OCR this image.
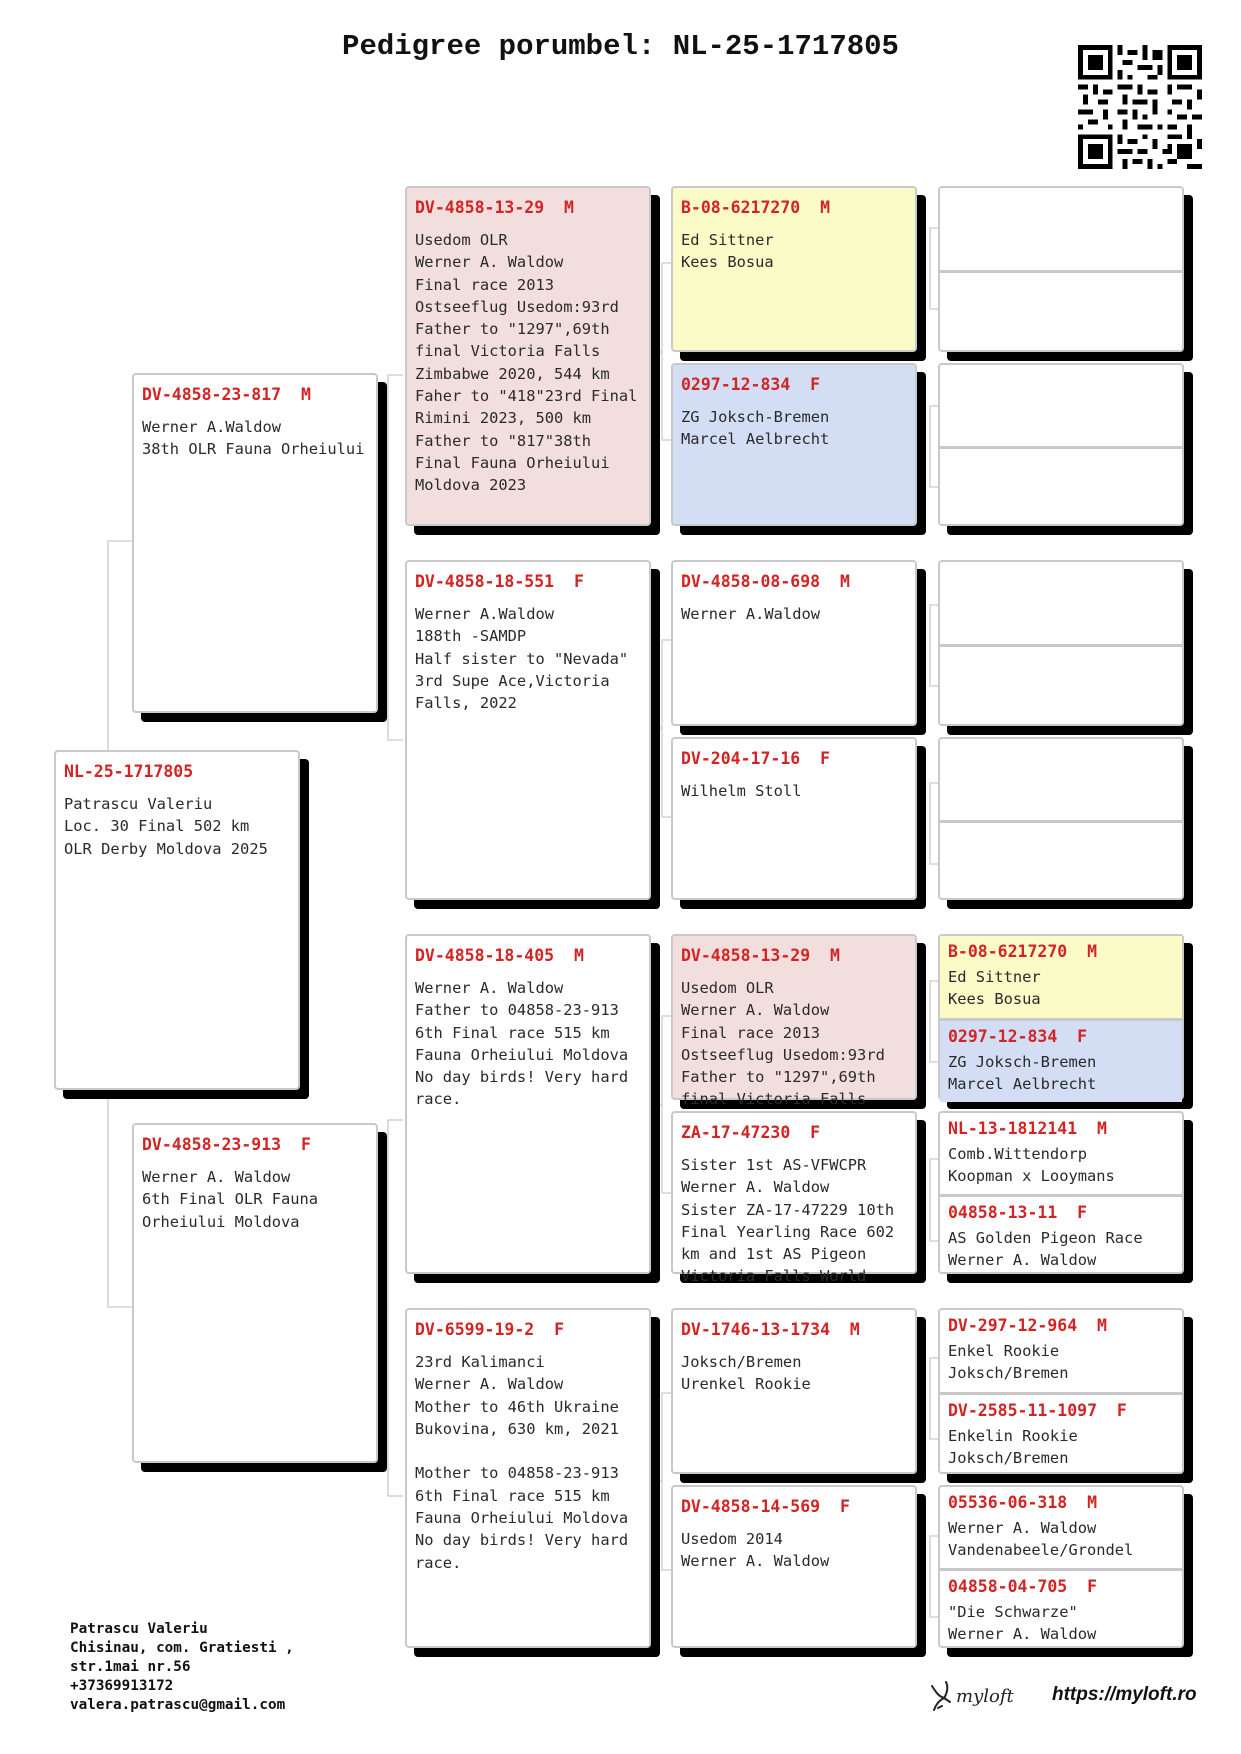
Pedigree porumbel: NL-25-1717805
NL-25-1717805
Patrascu Valeriu
Loc. 30 Final 502 km
OLR Derby Moldova 2025
DV-4858-23-817  M
Werner A.Waldow
38th OLR Fauna Orheiului
DV-4858-23-913  F
Werner A. Waldow
6th Final OLR Fauna
Orheiului Moldova
DV-4858-13-29  M
Usedom OLR
Werner A. Waldow
Final race 2013
Ostseeflug Usedom:93rd
Father to "1297",69th
final Victoria Falls
Zimbabwe 2020, 544 km
Faher to "418"23rd Final
Rimini 2023, 500 km
Father to "817"38th
Final Fauna Orheiului
Moldova 2023
DV-4858-18-551  F
Werner A.Waldow
188th -SAMDP
Half sister to "Nevada"
3rd Supe Ace,Victoria
Falls, 2022
DV-4858-18-405  M
Werner A. Waldow
Father to 04858-23-913
6th Final race 515 km
Fauna Orheiului Moldova
No day birds! Very hard
race.
DV-6599-19-2  F
23rd Kalimanci
Werner A. Waldow
Mother to 46th Ukraine
Bukovina, 630 km, 2021

Mother to 04858-23-913
6th Final race 515 km
Fauna Orheiului Moldova
No day birds! Very hard
race.
B-08-6217270  M
Ed Sittner
Kees Bosua
0297-12-834  F
ZG Joksch-Bremen
Marcel Aelbrecht
DV-4858-08-698  M
Werner A.Waldow
DV-204-17-16  F
Wilhelm Stoll
DV-4858-13-29  M
Usedom OLR
Werner A. Waldow
Final race 2013
Ostseeflug Usedom:93rd
Father to "1297",69th
final Victoria Falls
ZA-17-47230  F
Sister 1st AS-VFWCPR
Werner A. Waldow
Sister ZA-17-47229 10th
Final Yearling Race 602
km and 1st AS Pigeon
Victoria Falls World
DV-1746-13-1734  M
Joksch/Bremen
Urenkel Rookie
DV-4858-14-569  F
Usedom 2014
Werner A. Waldow
B-08-6217270  M
Ed Sittner
Kees Bosua
0297-12-834  F
ZG Joksch-Bremen
Marcel Aelbrecht
NL-13-1812141  M
Comb.Wittendorp
Koopman x Looymans
04858-13-11  F
AS Golden Pigeon Race
Werner A. Waldow
DV-297-12-964  M
Enkel Rookie
Joksch/Bremen
DV-2585-11-1097  F
Enkelin Rookie
Joksch/Bremen
05536-06-318  M
Werner A. Waldow
Vandenabeele/Grondel
04858-04-705  F
"Die Schwarze"
Werner A. Waldow
Patrascu Valeriu
Chisinau, com. Gratiesti ,
str.1mai nr.56
+37369913172
valera.patrascu@gmail.com	myloft https://myloft.ro
